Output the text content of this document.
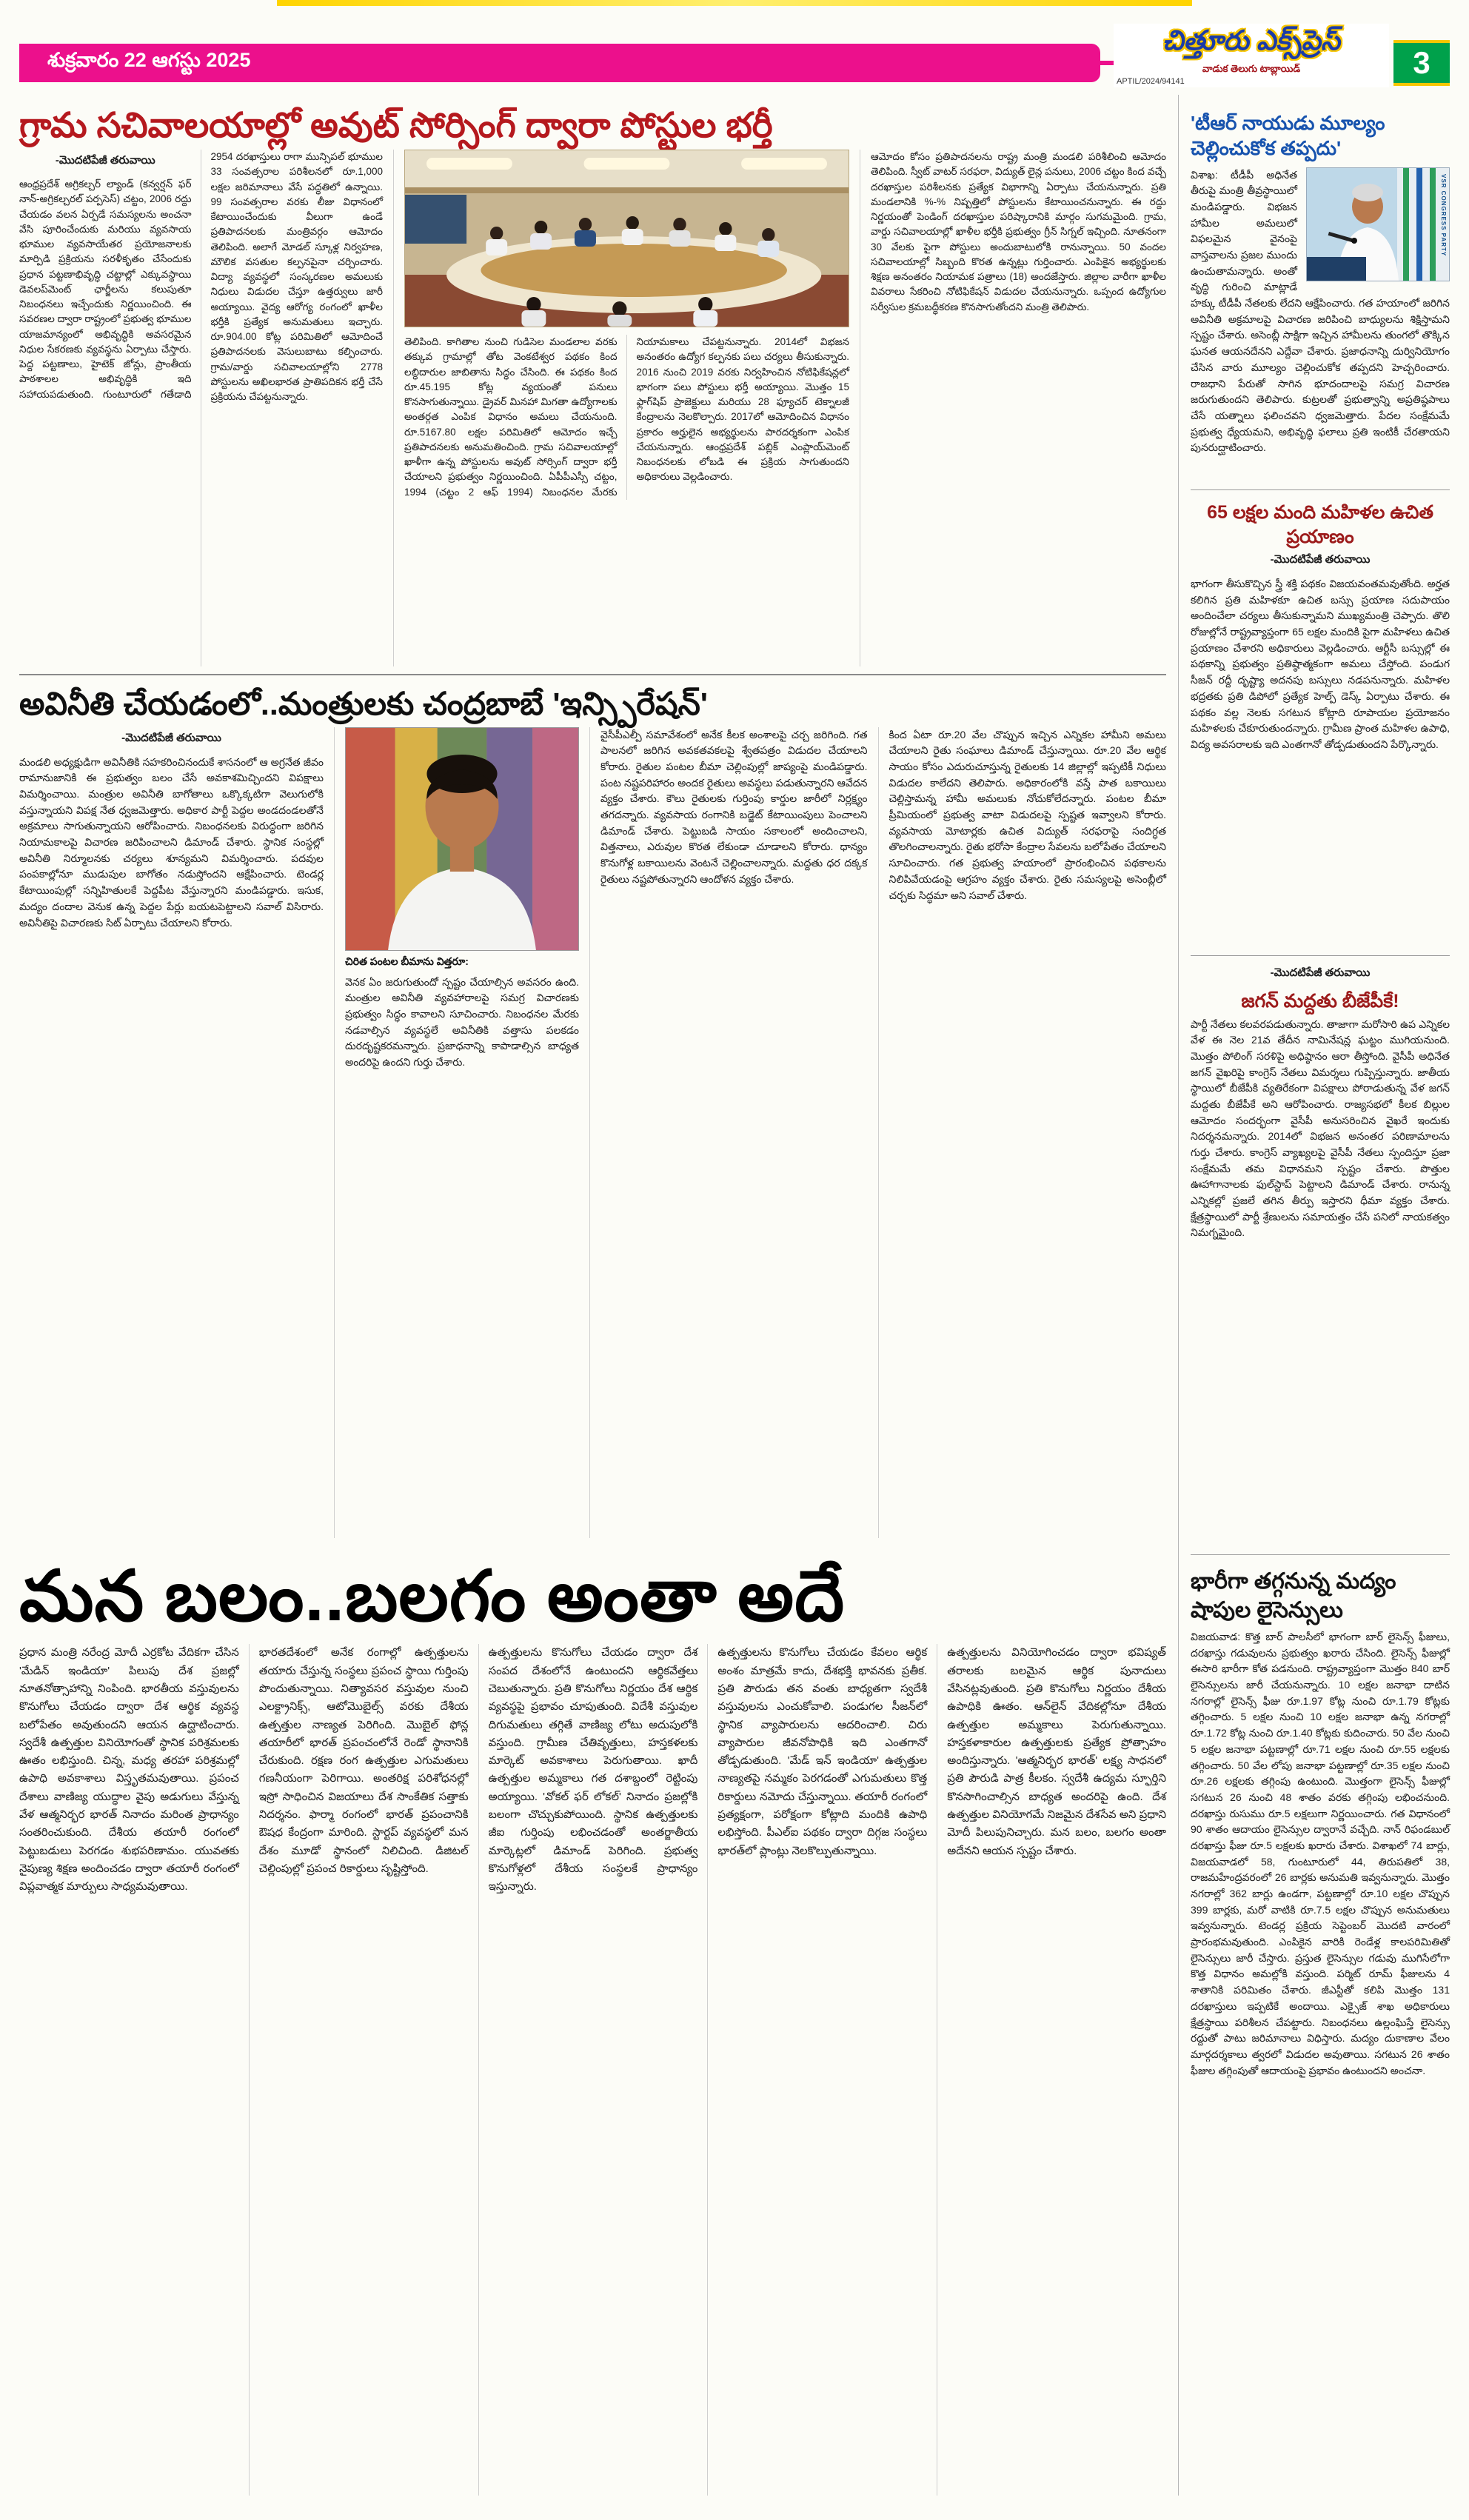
శుక్రవారం 22 ఆగస్టు 2025
చిత్తూరు ఎక్స్‌ప్రెస్
వాడుక తెలుగు టాబ్లాయిడ్
APTIL/2024/94141
3
గ్రామ సచివాలయాల్లో అవుట్ సోర్సింగ్ ద్వారా పోస్టుల భర్తీ
-మొదటిపేజీ తరువాయి
ఆంధ్రప్రదేశ్ అగ్రికల్చర్ ల్యాండ్ (కన్వర్షన్ ఫర్ నాన్-అగ్రికల్చరల్ పర్పసెస్) చట్టం, 2006 రద్దు చేయడం వలన ఏర్పడే సమస్యలను అంచనా వేసి పూరించేందుకు మరియు వ్యవసాయ భూముల వ్యవసాయేతర ప్రయోజనాలకు మార్పిడి ప్రక్రియను సరళీకృతం చేసేందుకు ప్రధాన పట్టణాభివృద్ధి చట్టాల్లో ఎక్కువస్థాయి డెవలప్‌మెంట్ ఛార్జీలను కలుపుతూ నిబంధనలు ఇచ్చేందుకు నిర్ణయించింది. ఈ సవరణల ద్వారా రాష్ట్రంలో ప్రభుత్వ భూముల యాజమాన్యంలో అభివృద్ధికి అవసరమైన నిధుల సేకరణకు వ్యవస్థను ఏర్పాటు చేస్తారు. పెద్ద పట్టణాలు, హైటెక్ జోన్లు, ప్రాంతీయ పాఠశాలల అభివృద్ధికి ఇది సహాయపడుతుంది. గుంటూరులో గతేడాది 2954 దరఖాస్తులు రాగా మున్సిపల్ భూముల 33 సంవత్సరాల పరిశీలనలో రూ.1,000 లక్షల జరిమానాలు వేసే పద్ధతిలో ఉన్నాయి. 99 సంవత్సరాల వరకు లీజు విధానంలో కేటాయించేందుకు వీలుగా ఉండే ప్రతిపాదనలకు మంత్రివర్గం ఆమోదం తెలిపింది. అలాగే మోడల్ స్కూళ్ల నిర్వహణ, మౌలిక వసతుల కల్పనపైనా చర్చించారు. విద్యా వ్యవస్థలో సంస్కరణల అమలుకు నిధులు విడుదల చేస్తూ ఉత్తర్వులు జారీ అయ్యాయి. వైద్య ఆరోగ్య రంగంలో ఖాళీల భర్తీకి ప్రత్యేక అనుమతులు ఇచ్చారు. రూ.904.00 కోట్ల పరిమితిలో ఆమోదించే ప్రతిపాదనలకు వెసులుబాటు కల్పించారు. గ్రామ/వార్డు సచివాలయాల్లోని 2778 పోస్టులను అఖిలభారత ప్రాతిపదికన భర్తీ చేసే ప్రక్రియను చేపట్టనున్నారు.
తెలిపింది. కాగితాల నుంచి గుడిసెల మండలాల వరకు తక్కువ గ్రామాల్లో తోట వెంకటేశ్వర పథకం కింద లబ్ధిదారుల జాబితాను సిద్ధం చేసింది. ఈ పథకం కింద రూ.45.195 కోట్ల వ్యయంతో పనులు కొనసాగుతున్నాయి. డ్రైవర్ మినహా మిగతా ఉద్యోగాలకు అంతర్గత ఎంపిక విధానం అమలు చేయనుంది. రూ.5167.80 లక్షల పరిమితిలో ఆమోదం ఇచ్చే ప్రతిపాదనలకు అనుమతించింది. గ్రామ సచివాలయాల్లో ఖాళీగా ఉన్న పోస్టులను అవుట్ సోర్సింగ్ ద్వారా భర్తీ చేయాలని ప్రభుత్వం నిర్ణయించింది. ఏపీపీఎస్సీ చట్టం, 1994 (చట్టం 2 ఆఫ్ 1994) నిబంధనల మేరకు నియామకాలు చేపట్టనున్నారు. 2014లో విభజన అనంతరం ఉద్యోగ కల్పనకు పలు చర్యలు తీసుకున్నారు. 2016 నుంచి 2019 వరకు నిర్వహించిన నోటిఫికేషన్లలో భాగంగా పలు పోస్టులు భర్తీ అయ్యాయి. మొత్తం 15 ఫ్లాగ్‌షిప్ ప్రాజెక్టులు మరియు 28 ఫ్యూచర్ టెక్నాలజీ కేంద్రాలను నెలకొల్పారు. 2017లో ఆమోదించిన విధానం ప్రకారం అర్హులైన అభ్యర్థులను పారదర్శకంగా ఎంపిక చేయనున్నారు. ఆంధ్రప్రదేశ్ పబ్లిక్ ఎంప్లాయ్‌మెంట్ నిబంధనలకు లోబడి ఈ ప్రక్రియ సాగుతుందని అధికారులు వెల్లడించారు.
ఆమోదం కోసం ప్రతిపాదనలను రాష్ట్ర మంత్రి మండలి పరిశీలించి ఆమోదం తెలిపింది. స్వీట్ వాటర్ సరఫరా, విద్యుత్ లైన్ల పనులు, 2006 చట్టం కింద వచ్చే దరఖాస్తుల పరిశీలనకు ప్రత్యేక విభాగాన్ని ఏర్పాటు చేయనున్నారు. ప్రతి మండలానికి %-% నిష్పత్తిలో పోస్టులను కేటాయించనున్నారు. ఈ రద్దు నిర్ణయంతో పెండింగ్ దరఖాస్తుల పరిష్కారానికి మార్గం సుగమమైంది. గ్రామ, వార్డు సచివాలయాల్లో ఖాళీల భర్తీకి ప్రభుత్వం గ్రీన్ సిగ్నల్ ఇచ్చింది. నూతనంగా 30 వేలకు పైగా పోస్టులు అందుబాటులోకి రానున్నాయి. 50 వందల సచివాలయాల్లో సిబ్బంది కొరత ఉన్నట్లు గుర్తించారు. ఎంపికైన అభ్యర్థులకు శిక్షణ అనంతరం నియామక పత్రాలు (18) అందజేస్తారు. జిల్లాల వారీగా ఖాళీల వివరాలు సేకరించి నోటిఫికేషన్ విడుదల చేయనున్నారు. ఒప్పంద ఉద్యోగుల సర్వీసుల క్రమబద్ధీకరణ కొనసాగుతోందని మంత్రి తెలిపారు.
అవినీతి చేయడంలో..మంత్రులకు చంద్రబాబే 'ఇన్స్పిరేషన్'
-మొదటిపేజీ తరువాయి
మండలి అధ్యక్షుడిగా అవినీతికి సహకరించినందుకే శాసనంలో ఆ అగ్రనేత జీవం రామానుజానికి ఈ ప్రభుత్వం బలం చేసే అవకాశమిచ్చిందని విపక్షాలు విమర్శించాయి. మంత్రుల అవినీతి బాగోతాలు ఒక్కొక్కటిగా వెలుగులోకి వస్తున్నాయని విపక్ష నేత ధ్వజమెత్తారు. అధికార పార్టీ పెద్దల అండదండలతోనే అక్రమాలు సాగుతున్నాయని ఆరోపించారు. నిబంధనలకు విరుద్ధంగా జరిగిన నియామకాలపై విచారణ జరిపించాలని డిమాండ్ చేశారు. స్థానిక సంస్థల్లో అవినీతి నిర్మూలనకు చర్యలు శూన్యమని విమర్శించారు. పదవుల పంపకాల్లోనూ ముడుపుల బాగోతం నడుస్తోందని ఆక్షేపించారు. టెండర్ల కేటాయింపుల్లో సన్నిహితులకే పెద్దపీట వేస్తున్నారని మండిపడ్డారు. ఇసుక, మద్యం దందాల వెనుక ఉన్న పెద్దల పేర్లు బయటపెట్టాలని సవాల్ విసిరారు. అవినీతిపై విచారణకు సిట్ ఏర్పాటు చేయాలని కోరారు.
చిరిత పంటల బీమాను విత్తరూ:
వెనక ఏం జరుగుతుందో స్పష్టం చేయాల్సిన అవసరం ఉంది. మంత్రుల అవినీతి వ్యవహారాలపై సమగ్ర విచారణకు ప్రభుత్వం సిద్ధం కావాలని సూచించారు. నిబంధనల మేరకు నడవాల్సిన వ్యవస్థలే అవినీతికి వత్తాసు పలకడం దురదృష్టకరమన్నారు. ప్రజాధనాన్ని కాపాడాల్సిన బాధ్యత అందరిపై ఉందని గుర్తు చేశారు.
వైసీపీఎల్పీ సమావేశంలో అనేక కీలక అంశాలపై చర్చ జరిగింది. గత పాలనలో జరిగిన అవకతవకలపై శ్వేతపత్రం విడుదల చేయాలని కోరారు. రైతుల పంటల బీమా చెల్లింపుల్లో జాప్యంపై మండిపడ్డారు. పంట నష్టపరిహారం అందక రైతులు అవస్థలు పడుతున్నారని ఆవేదన వ్యక్తం చేశారు. కౌలు రైతులకు గుర్తింపు కార్డుల జారీలో నిర్లక్ష్యం తగదన్నారు. వ్యవసాయ రంగానికి బడ్జెట్ కేటాయింపులు పెంచాలని డిమాండ్ చేశారు. పెట్టుబడి సాయం సకాలంలో అందించాలని, విత్తనాలు, ఎరువుల కొరత లేకుండా చూడాలని కోరారు. ధాన్యం కొనుగోళ్ల బకాయిలను వెంటనే చెల్లించాలన్నారు. మద్దతు ధర దక్కక రైతులు నష్టపోతున్నారని ఆందోళన వ్యక్తం చేశారు.
కింద ఏటా రూ.20 వేల చొప్పున ఇచ్చిన ఎన్నికల హామీని అమలు చేయాలని రైతు సంఘాలు డిమాండ్ చేస్తున్నాయి. రూ.20 వేల ఆర్థిక సాయం కోసం ఎదురుచూస్తున్న రైతులకు 14 జిల్లాల్లో ఇప్పటికీ నిధులు విడుదల కాలేదని తెలిపారు. అధికారంలోకి వస్తే పాత బకాయిలు చెల్లిస్తామన్న హామీ అమలుకు నోచుకోలేదన్నారు. పంటల బీమా ప్రీమియంలో ప్రభుత్వ వాటా విడుదలపై స్పష్టత ఇవ్వాలని కోరారు. వ్యవసాయ మోటార్లకు ఉచిత విద్యుత్ సరఫరాపై సందిగ్ధత తొలగించాలన్నారు. రైతు భరోసా కేంద్రాల సేవలను బలోపేతం చేయాలని సూచించారు. గత ప్రభుత్వ హయాంలో ప్రారంభించిన పథకాలను నిలిపివేయడంపై ఆగ్రహం వ్యక్తం చేశారు. రైతు సమస్యలపై అసెంబ్లీలో చర్చకు సిద్ధమా అని సవాల్ చేశారు.
మన బలం..బలగం అంతా అదే
ప్రధాన మంత్రి నరేంద్ర మోదీ ఎర్రకోట వేదికగా చేసిన 'మేడిన్ ఇండియా' పిలుపు దేశ ప్రజల్లో నూతనోత్సాహాన్ని నింపింది. భారతీయ వస్తువులను కొనుగోలు చేయడం ద్వారా దేశ ఆర్థిక వ్యవస్థ బలోపేతం అవుతుందని ఆయన ఉద్ఘాటించారు. స్వదేశీ ఉత్పత్తుల వినియోగంతో స్థానిక పరిశ్రమలకు ఊతం లభిస్తుంది. చిన్న, మధ్య తరహా పరిశ్రమల్లో ఉపాధి అవకాశాలు విస్తృతమవుతాయి. ప్రపంచ దేశాలు వాణిజ్య యుద్ధాల వైపు అడుగులు వేస్తున్న వేళ ఆత్మనిర్భర భారత్ నినాదం మరింత ప్రాధాన్యం సంతరించుకుంది. దేశీయ తయారీ రంగంలో పెట్టుబడులు పెరగడం శుభపరిణామం. యువతకు నైపుణ్య శిక్షణ అందించడం ద్వారా తయారీ రంగంలో విప్లవాత్మక మార్పులు సాధ్యమవుతాయి.
భారతదేశంలో అనేక రంగాల్లో ఉత్పత్తులను తయారు చేస్తున్న సంస్థలు ప్రపంచ స్థాయి గుర్తింపు పొందుతున్నాయి. నిత్యావసర వస్తువుల నుంచి ఎలక్ట్రానిక్స్, ఆటోమొబైల్స్ వరకు దేశీయ ఉత్పత్తుల నాణ్యత పెరిగింది. మొబైల్ ఫోన్ల తయారీలో భారత్ ప్రపంచంలోనే రెండో స్థానానికి చేరుకుంది. రక్షణ రంగ ఉత్పత్తుల ఎగుమతులు గణనీయంగా పెరిగాయి. అంతరిక్ష పరిశోధనల్లో ఇస్రో సాధించిన విజయాలు దేశ సాంకేతిక సత్తాకు నిదర్శనం. ఫార్మా రంగంలో భారత్ ప్రపంచానికి ఔషధ కేంద్రంగా మారింది. స్టార్టప్ వ్యవస్థలో మన దేశం మూడో స్థానంలో నిలిచింది. డిజిటల్ చెల్లింపుల్లో ప్రపంచ రికార్డులు సృష్టిస్తోంది.
ఉత్పత్తులను కొనుగోలు చేయడం ద్వారా దేశ సంపద దేశంలోనే ఉంటుందని ఆర్థికవేత్తలు చెబుతున్నారు. ప్రతి కొనుగోలు నిర్ణయం దేశ ఆర్థిక వ్యవస్థపై ప్రభావం చూపుతుంది. విదేశీ వస్తువుల దిగుమతులు తగ్గితే వాణిజ్య లోటు అదుపులోకి వస్తుంది. గ్రామీణ చేతివృత్తులు, హస్తకళలకు మార్కెట్ అవకాశాలు పెరుగుతాయి. ఖాదీ ఉత్పత్తుల అమ్మకాలు గత దశాబ్దంలో రెట్టింపు అయ్యాయి. 'వోకల్ ఫర్ లోకల్' నినాదం ప్రజల్లోకి బలంగా చొచ్చుకుపోయింది. స్థానిక ఉత్పత్తులకు జీఐ గుర్తింపు లభించడంతో అంతర్జాతీయ మార్కెట్లలో డిమాండ్ పెరిగింది. ప్రభుత్వ కొనుగోళ్లలో దేశీయ సంస్థలకే ప్రాధాన్యం ఇస్తున్నారు.
ఉత్పత్తులను కొనుగోలు చేయడం కేవలం ఆర్థిక అంశం మాత్రమే కాదు, దేశభక్తి భావనకు ప్రతీక. ప్రతి పౌరుడు తన వంతు బాధ్యతగా స్వదేశీ వస్తువులను ఎంచుకోవాలి. పండుగల సీజన్‌లో స్థానిక వ్యాపారులను ఆదరించాలి. చిరు వ్యాపారుల జీవనోపాధికి ఇది ఎంతగానో తోడ్పడుతుంది. 'మేడ్ ఇన్ ఇండియా' ఉత్పత్తుల నాణ్యతపై నమ్మకం పెరగడంతో ఎగుమతులు కొత్త రికార్డులు నమోదు చేస్తున్నాయి. తయారీ రంగంలో ప్రత్యక్షంగా, పరోక్షంగా కోట్లాది మందికి ఉపాధి లభిస్తోంది. పీఎల్ఐ పథకం ద్వారా దిగ్గజ సంస్థలు భారత్‌లో ప్లాంట్లు నెలకొల్పుతున్నాయి.
ఉత్పత్తులను వినియోగించడం ద్వారా భవిష్యత్ తరాలకు బలమైన ఆర్థిక పునాదులు వేసినట్లవుతుంది. ప్రతి కొనుగోలు నిర్ణయం దేశీయ ఉపాధికి ఊతం. ఆన్‌లైన్ వేదికల్లోనూ దేశీయ ఉత్పత్తుల అమ్మకాలు పెరుగుతున్నాయి. హస్తకళాకారుల ఉత్పత్తులకు ప్రత్యేక ప్రోత్సాహం అందిస్తున్నారు. 'ఆత్మనిర్భర భారత్' లక్ష్య సాధనలో ప్రతి పౌరుడి పాత్ర కీలకం. స్వదేశీ ఉద్యమ స్ఫూర్తిని కొనసాగించాల్సిన బాధ్యత అందరిపై ఉంది. దేశ ఉత్పత్తుల వినియోగమే నిజమైన దేశసేవ అని ప్రధాని మోదీ పిలుపునిచ్చారు. మన బలం, బలగం అంతా అదేనని ఆయన స్పష్టం చేశారు.
'టీఆర్ నాయుడు మూల్యం చెల్లించుకోక తప్పదు'
VSR CONGRESS PARTY
విశాఖ: టీడీపీ అధినేత తీరుపై మంత్రి తీవ్రస్థాయిలో మండిపడ్డారు. విభజన హామీల అమలులో విఫలమైన వైనంపై వాస్తవాలను ప్రజల ముందు ఉంచుతామన్నారు. అంతో వృద్ధి గురించి మాట్లాడే హక్కు టీడీపీ నేతలకు లేదని ఆక్షేపించారు. గత హయాంలో జరిగిన అవినీతి అక్రమాలపై విచారణ జరిపించి బాధ్యులను శిక్షిస్తామని స్పష్టం చేశారు. అసెంబ్లీ సాక్షిగా ఇచ్చిన హామీలను తుంగలో తొక్కిన ఘనత ఆయనదేనని ఎద్దేవా చేశారు. ప్రజాధనాన్ని దుర్వినియోగం చేసిన వారు మూల్యం చెల్లించుకోక తప్పదని హెచ్చరించారు. రాజధాని పేరుతో సాగిన భూదందాలపై సమగ్ర విచారణ జరుగుతుందని తెలిపారు. కుట్రలతో ప్రభుత్వాన్ని అప్రతిష్ఠపాలు చేసే యత్నాలు ఫలించవని ధ్వజమెత్తారు. పేదల సంక్షేమమే ప్రభుత్వ ధ్యేయమని, అభివృద్ధి ఫలాలు ప్రతి ఇంటికీ చేరతాయని పునరుద్ఘాటించారు.
65 లక్షల మంది మహిళల ఉచిత ప్రయాణం
-మొదటిపేజీ తరువాయి
భాగంగా తీసుకొచ్చిన స్త్రీ శక్తి పథకం విజయవంతమవుతోంది. అర్హత కలిగిన ప్రతి మహిళకూ ఉచిత బస్సు ప్రయాణ సదుపాయం అందించేలా చర్యలు తీసుకున్నామని ముఖ్యమంత్రి చెప్పారు. తొలి రోజుల్లోనే రాష్ట్రవ్యాప్తంగా 65 లక్షల మందికి పైగా మహిళలు ఉచిత ప్రయాణం చేశారని అధికారులు వెల్లడించారు. ఆర్టీసీ బస్సుల్లో ఈ పథకాన్ని ప్రభుత్వం ప్రతిష్ఠాత్మకంగా అమలు చేస్తోంది. పండుగ సీజన్ రద్దీ దృష్ట్యా అదనపు బస్సులు నడపనున్నారు. మహిళల భద్రతకు ప్రతి డిపోలో ప్రత్యేక హెల్ప్ డెస్క్ ఏర్పాటు చేశారు. ఈ పథకం వల్ల నెలకు సగటున కోట్లాది రూపాయల ప్రయోజనం మహిళలకు చేకూరుతుందన్నారు. గ్రామీణ ప్రాంత మహిళల ఉపాధి, విద్య అవసరాలకు ఇది ఎంతగానో తోడ్పడుతుందని పేర్కొన్నారు.
-మొదటిపేజీ తరువాయి
జగన్ మద్దతు బీజేపీకే!
పార్టీ నేతలు కలవరపడుతున్నారు. తాజాగా మరోసారి ఉప ఎన్నికల వేళ ఈ నెల 21వ తేదీన నామినేషన్ల ఘట్టం ముగియనుంది. మొత్తం పోలింగ్ సరళిపై అధిష్ఠానం ఆరా తీస్తోంది. వైసీపీ అధినేత జగన్ వైఖరిపై కాంగ్రెస్ నేతలు విమర్శలు గుప్పిస్తున్నారు. జాతీయ స్థాయిలో బీజేపీకి వ్యతిరేకంగా విపక్షాలు పోరాడుతున్న వేళ జగన్ మద్దతు బీజేపీకే అని ఆరోపించారు. రాజ్యసభలో కీలక బిల్లుల ఆమోదం సందర్భంగా వైసీపీ అనుసరించిన వైఖరే ఇందుకు నిదర్శనమన్నారు. 2014లో విభజన అనంతర పరిణామాలను గుర్తు చేశారు. కాంగ్రెస్ వ్యాఖ్యలపై వైసీపీ నేతలు స్పందిస్తూ ప్రజా సంక్షేమమే తమ విధానమని స్పష్టం చేశారు. పొత్తుల ఊహాగానాలకు ఫుల్‌స్టాప్ పెట్టాలని డిమాండ్ చేశారు. రానున్న ఎన్నికల్లో ప్రజలే తగిన తీర్పు ఇస్తారని ధీమా వ్యక్తం చేశారు. క్షేత్రస్థాయిలో పార్టీ శ్రేణులను సమాయత్తం చేసే పనిలో నాయకత్వం నిమగ్నమైంది.
భారీగా తగ్గనున్న మద్యం షాపుల లైసెన్సులు
విజయవాడ: కొత్త బార్ పాలసీలో భాగంగా బార్ లైసెన్స్ ఫీజులు, దరఖాస్తు గడువులను ప్రభుత్వం ఖరారు చేసింది. లైసెన్స్ ఫీజుల్లో ఈసారి భారీగా కోత పడనుంది. రాష్ట్రవ్యాప్తంగా మొత్తం 840 బార్ లైసెన్సులను జారీ చేయనున్నారు. 10 లక్షల జనాభా దాటిన నగరాల్లో లైసెన్స్ ఫీజు రూ.1.97 కోట్ల నుంచి రూ.1.79 కోట్లకు తగ్గించారు. 5 లక్షల నుంచి 10 లక్షల జనాభా ఉన్న నగరాల్లో రూ.1.72 కోట్ల నుంచి రూ.1.40 కోట్లకు కుదించారు. 50 వేల నుంచి 5 లక్షల జనాభా పట్టణాల్లో రూ.71 లక్షల నుంచి రూ.55 లక్షలకు తగ్గించారు. 50 వేల లోపు జనాభా పట్టణాల్లో రూ.35 లక్షల నుంచి రూ.26 లక్షలకు తగ్గింపు ఉంటుంది. మొత్తంగా లైసెన్స్ ఫీజుల్లో సగటున 26 నుంచి 48 శాతం వరకు తగ్గింపు లభించనుంది. దరఖాస్తు రుసుము రూ.5 లక్షలుగా నిర్ణయించారు. గత విధానంలో 90 శాతం ఆదాయం లైసెన్సుల ద్వారానే వచ్చేది. నాన్ రిఫండబుల్ దరఖాస్తు ఫీజు రూ.5 లక్షలకు ఖరారు చేశారు. విశాఖలో 74 బార్లు, విజయవాడలో 58, గుంటూరులో 44, తిరుపతిలో 38, రాజమహేంద్రవరంలో 26 బార్లకు అనుమతి ఇవ్వనున్నారు. మొత్తం నగరాల్లో 362 బార్లు ఉండగా, పట్టణాల్లో రూ.10 లక్షల చొప్పున 399 బార్లకు, మరో వాటికి రూ.7.5 లక్షల చొప్పున అనుమతులు ఇవ్వనున్నారు. టెండర్ల ప్రక్రియ సెప్టెంబర్ మొదటి వారంలో ప్రారంభమవుతుంది. ఎంపికైన వారికి రెండేళ్ల కాలపరిమితితో లైసెన్సులు జారీ చేస్తారు. ప్రస్తుత లైసెన్సుల గడువు ముగిసేలోగా కొత్త విధానం అమల్లోకి వస్తుంది. పర్మిట్ రూమ్ ఫీజులను 4 శాతానికి పరిమితం చేశారు. జీఎస్టీతో కలిపి మొత్తం 131 దరఖాస్తులు ఇప్పటికే అందాయి. ఎక్సైజ్ శాఖ అధికారులు క్షేత్రస్థాయి పరిశీలన చేపట్టారు. నిబంధనలు ఉల్లంఘిస్తే లైసెన్సు రద్దుతో పాటు జరిమానాలు విధిస్తారు. మద్యం దుకాణాల వేలం మార్గదర్శకాలు త్వరలో విడుదల అవుతాయి. సగటున 26 శాతం ఫీజుల తగ్గింపుతో ఆదాయంపై ప్రభావం ఉంటుందని అంచనా.
